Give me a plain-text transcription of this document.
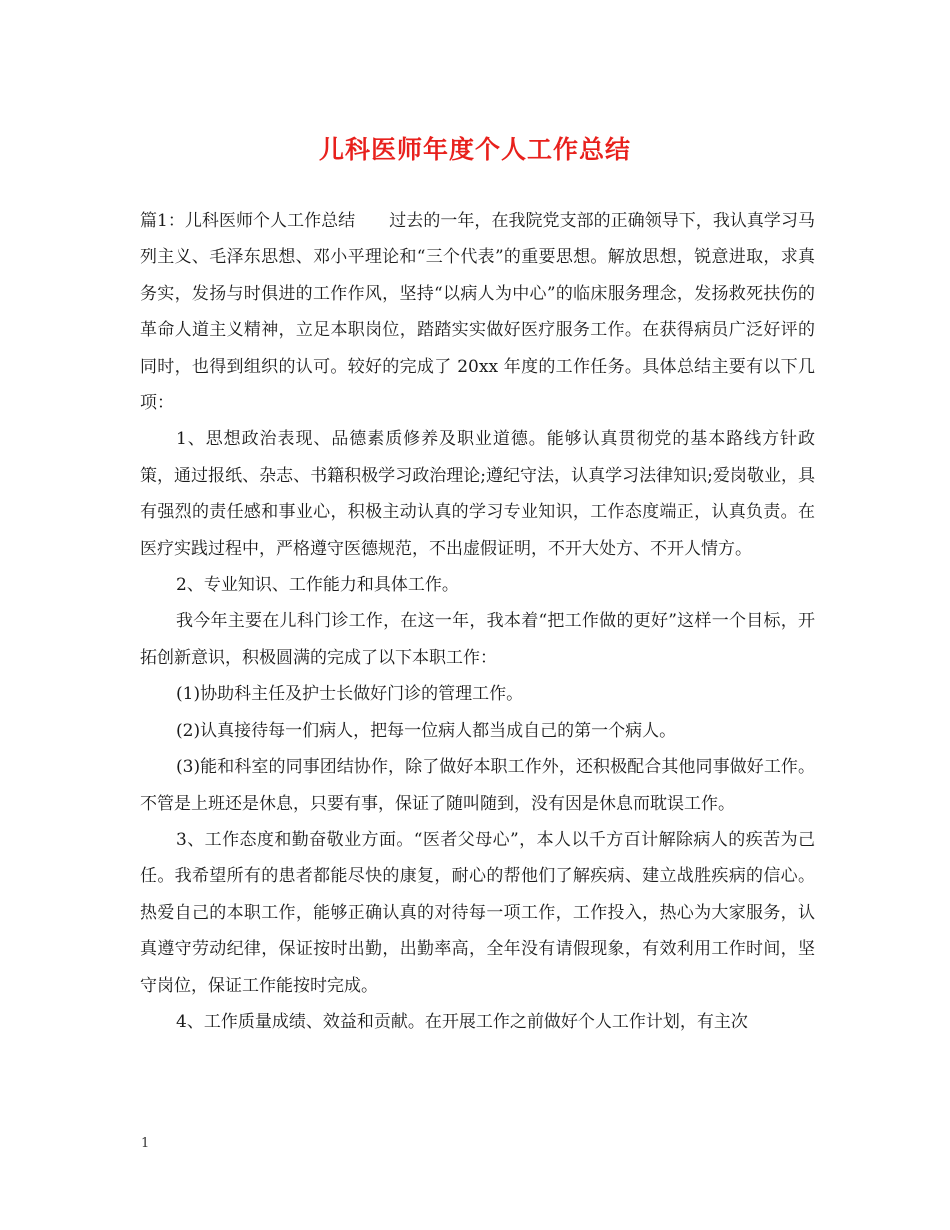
儿科医师年度个人工作总结

篇1：儿科医师个人工作总结　　过去的一年，在我院党支部的正确领导下，我认真学习马列主义、毛泽东思想、邓小平理论和“三个代表”的重要思想。解放思想，锐意进取，求真务实，发扬与时俱进的工作作风，坚持“以病人为中心”的临床服务理念，发扬救死扶伤的革命人道主义精神，立足本职岗位，踏踏实实做好医疗服务工作。在获得病员广泛好评的同时，也得到组织的认可。较好的完成了 20xx 年度的工作任务。具体总结主要有以下几项：

1、思想政治表现、品德素质修养及职业道德。能够认真贯彻党的基本路线方针政策，通过报纸、杂志、书籍积极学习政治理论;遵纪守法，认真学习法律知识;爱岗敬业，具有强烈的责任感和事业心，积极主动认真的学习专业知识，工作态度端正，认真负责。在医疗实践过程中，严格遵守医德规范，不出虚假证明，不开大处方、不开人情方。

2、专业知识、工作能力和具体工作。

我今年主要在儿科门诊工作，在这一年，我本着“把工作做的更好”这样一个目标，开拓创新意识，积极圆满的完成了以下本职工作：

(1)协助科主任及护士长做好门诊的管理工作。

(2)认真接待每一们病人，把每一位病人都当成自己的第一个病人。

(3)能和科室的同事团结协作，除了做好本职工作外，还积极配合其他同事做好工作。不管是上班还是休息，只要有事，保证了随叫随到，没有因是休息而耽误工作。

3、工作态度和勤奋敬业方面。“医者父母心”，本人以千方百计解除病人的疾苦为己任。我希望所有的患者都能尽快的康复，耐心的帮他们了解疾病、建立战胜疾病的信心。热爱自己的本职工作，能够正确认真的对待每一项工作，工作投入，热心为大家服务，认真遵守劳动纪律，保证按时出勤，出勤率高，全年没有请假现象，有效利用工作时间，坚守岗位，保证工作能按时完成。

4、工作质量成绩、效益和贡献。在开展工作之前做好个人工作计划，有主次

1
